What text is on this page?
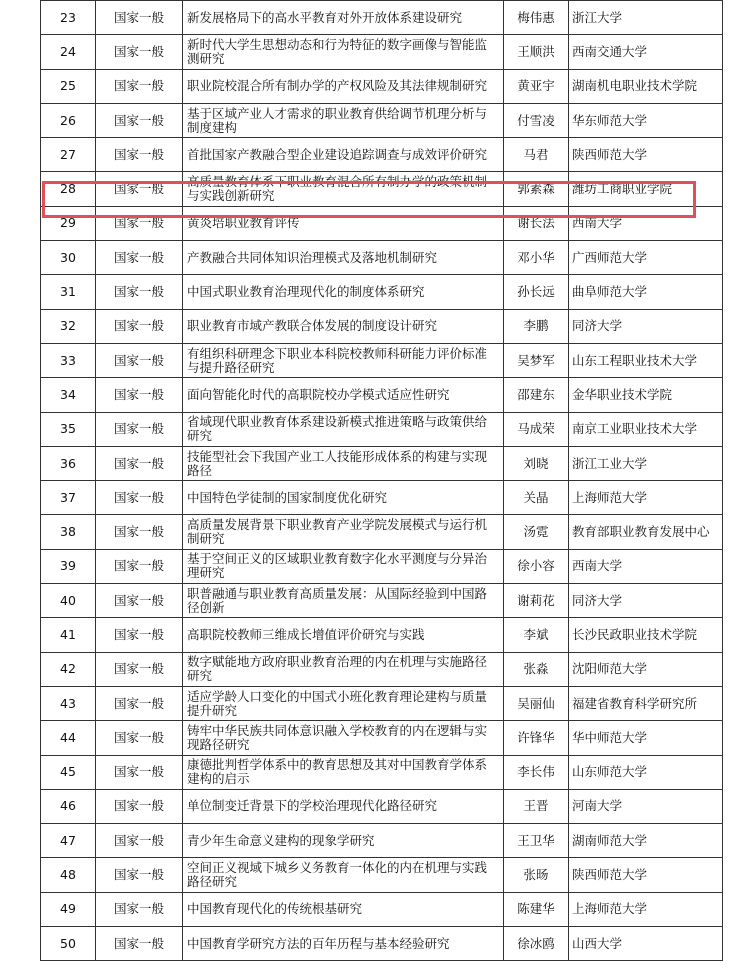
23	国家一般	新发展格局下的高水平教育对外开放体系建设研究	梅伟惠	浙江大学
24	国家一般	新时代大学生思想动态和行为特征的数字画像与智能监测研究	王顺洪	西南交通大学
25	国家一般	职业院校混合所有制办学的产权风险及其法律规制研究	黄亚宇	湖南机电职业技术学院
26	国家一般	基于区域产业人才需求的职业教育供给调节机理分析与制度建构	付雪凌	华东师范大学
27	国家一般	首批国家产教融合型企业建设追踪调查与成效评价研究	马君	陕西师范大学
28	国家一般	高质量教育体系下职业教育混合所有制办学的政策机制与实践创新研究	郭素森	潍坊工商职业学院
29	国家一般	黄炎培职业教育评传	谢长法	西南大学
30	国家一般	产教融合共同体知识治理模式及落地机制研究	邓小华	广西师范大学
31	国家一般	中国式职业教育治理现代化的制度体系研究	孙长远	曲阜师范大学
32	国家一般	职业教育市域产教联合体发展的制度设计研究	李鹏	同济大学
33	国家一般	有组织科研理念下职业本科院校教师科研能力评价标准与提升路径研究	吴梦军	山东工程职业技术大学
34	国家一般	面向智能化时代的高职院校办学模式适应性研究	邵建东	金华职业技术学院
35	国家一般	省域现代职业教育体系建设新模式推进策略与政策供给研究	马成荣	南京工业职业技术大学
36	国家一般	技能型社会下我国产业工人技能形成体系的构建与实现路径	刘晓	浙江工业大学
37	国家一般	中国特色学徒制的国家制度优化研究	关晶	上海师范大学
38	国家一般	高质量发展背景下职业教育产业学院发展模式与运行机制研究	汤霓	教育部职业教育发展中心
39	国家一般	基于空间正义的区域职业教育数字化水平测度与分异治理研究	徐小容	西南大学
40	国家一般	职普融通与职业教育高质量发展：从国际经验到中国路径创新	谢莉花	同济大学
41	国家一般	高职院校教师三维成长增值评价研究与实践	李斌	长沙民政职业技术学院
42	国家一般	数字赋能地方政府职业教育治理的内在机理与实施路径研究	张淼	沈阳师范大学
43	国家一般	适应学龄人口变化的中国式小班化教育理论建构与质量提升研究	吴丽仙	福建省教育科学研究所
44	国家一般	铸牢中华民族共同体意识融入学校教育的内在逻辑与实现路径研究	许锋华	华中师范大学
45	国家一般	康德批判哲学体系中的教育思想及其对中国教育学体系建构的启示	李长伟	山东师范大学
46	国家一般	单位制变迁背景下的学校治理现代化路径研究	王晋	河南大学
47	国家一般	青少年生命意义建构的现象学研究	王卫华	湖南师范大学
48	国家一般	空间正义视域下城乡义务教育一体化的内在机理与实践路径研究	张旸	陕西师范大学
49	国家一般	中国教育现代化的传统根基研究	陈建华	上海师范大学
50	国家一般	中国教育学研究方法的百年历程与基本经验研究	徐冰鸥	山西大学
